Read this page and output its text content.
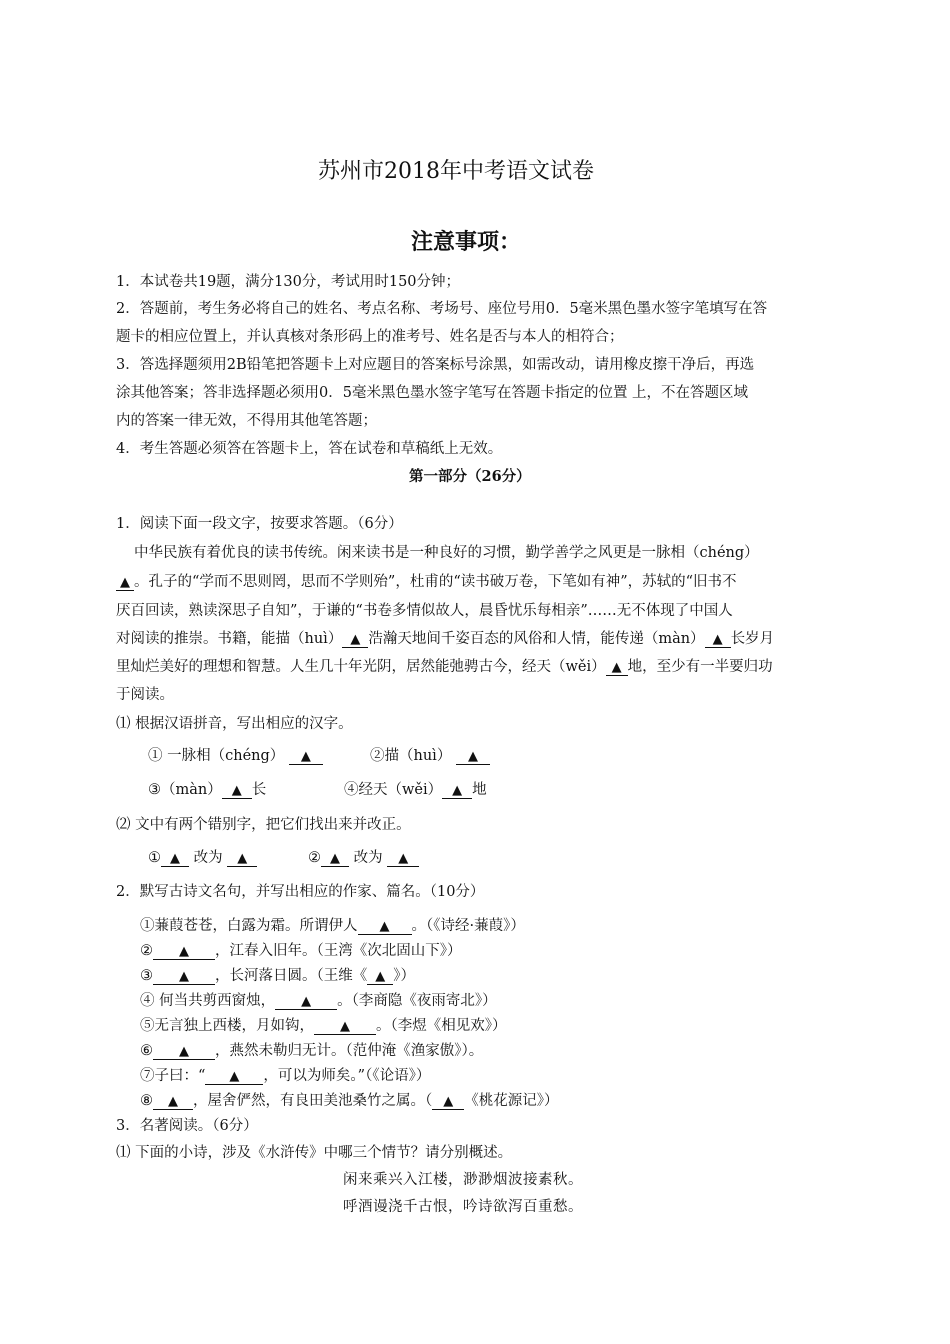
苏州市2018年中考语文试卷
注意事项：
1．本试卷共19题，满分130分，考试用时150分钟；
2．答题前，考生务必将自己的姓名、考点名称、考场号、座位号用0．5毫米黑色墨水签字笔填写在答
题卡的相应位置上，并认真核对条形码上的准考号、姓名是否与本人的相符合；
3．答选择题须用2B铅笔把答题卡上对应题目的答案标号涂黑，如需改动，请用橡皮擦干净后，再选
涂其他答案；答非选择题必须用0．5毫米黑色墨水签字笔写在答题卡指定的位置 上，不在答题区域
内的答案一律无效，不得用其他笔答题；
4．考生答题必须答在答题卡上，答在试卷和草稿纸上无效。
第一部分（26分）
1．阅读下面一段文字，按要求答题。（6分）
中华民族有着优良的读书传统。闲来读书是一种良好的习惯，勤学善学之风更是一脉相（chéng）
▲ 。孔子的“学而不思则罔，思而不学则殆”，杜甫的“读书破万卷，下笔如有神”，苏轼的“旧书不
厌百回读，熟读深思子自知”，于谦的“书卷多情似故人，晨昏忧乐每相亲”……无不体现了中国人
对阅读的推崇。书籍，能描（huì） ▲ 浩瀚天地间千姿百态的风俗和人情，能传递（màn） ▲ 长岁月
里灿烂美好的理想和智慧。人生几十年光阴，居然能弛骋古今，经天（wěi） ▲ 地，至少有一半要归功
于阅读。
⑴ 根据汉语拼音，写出相应的汉字。
① 一脉相（chéng） ▲	②描（huì） ▲
③（màn） ▲ 长	④经天（wěi） ▲ 地
⑵ 文中有两个错别字，把它们找出来并改正。
① ▲ 改为 ▲	② ▲ 改为 ▲
2．默写古诗文名句，并写出相应的作家、篇名。（10分）
①蒹葭苍苍，白露为霜。所谓伊人 ▲ 。（《诗经·蒹葭》）
② ▲ ，江春入旧年。（王湾《次北固山下》）
③ ▲ ，长河落日圆。（王维《 ▲ 》）
④ 何当共剪西窗烛， ▲ 。（李商隐《夜雨寄北》）
⑤无言独上西楼，月如钩， ▲ 。（李煜《相见欢》）
⑥ ▲ ，燕然未勒归无计。（范仲淹《渔家傲》）。
⑦子曰：“ ▲ ，可以为师矣。”（《论语》）
⑧ ▲ ，屋舍俨然，有良田美池桑竹之属。（ ▲ 《桃花源记》）
3．名著阅读。（6分）
⑴ 下面的小诗，涉及《水浒传》中哪三个情节？请分别概述。
闲来乘兴入江楼，渺渺烟波接素秋。
呼酒谩浇千古恨，吟诗欲泻百重愁。
